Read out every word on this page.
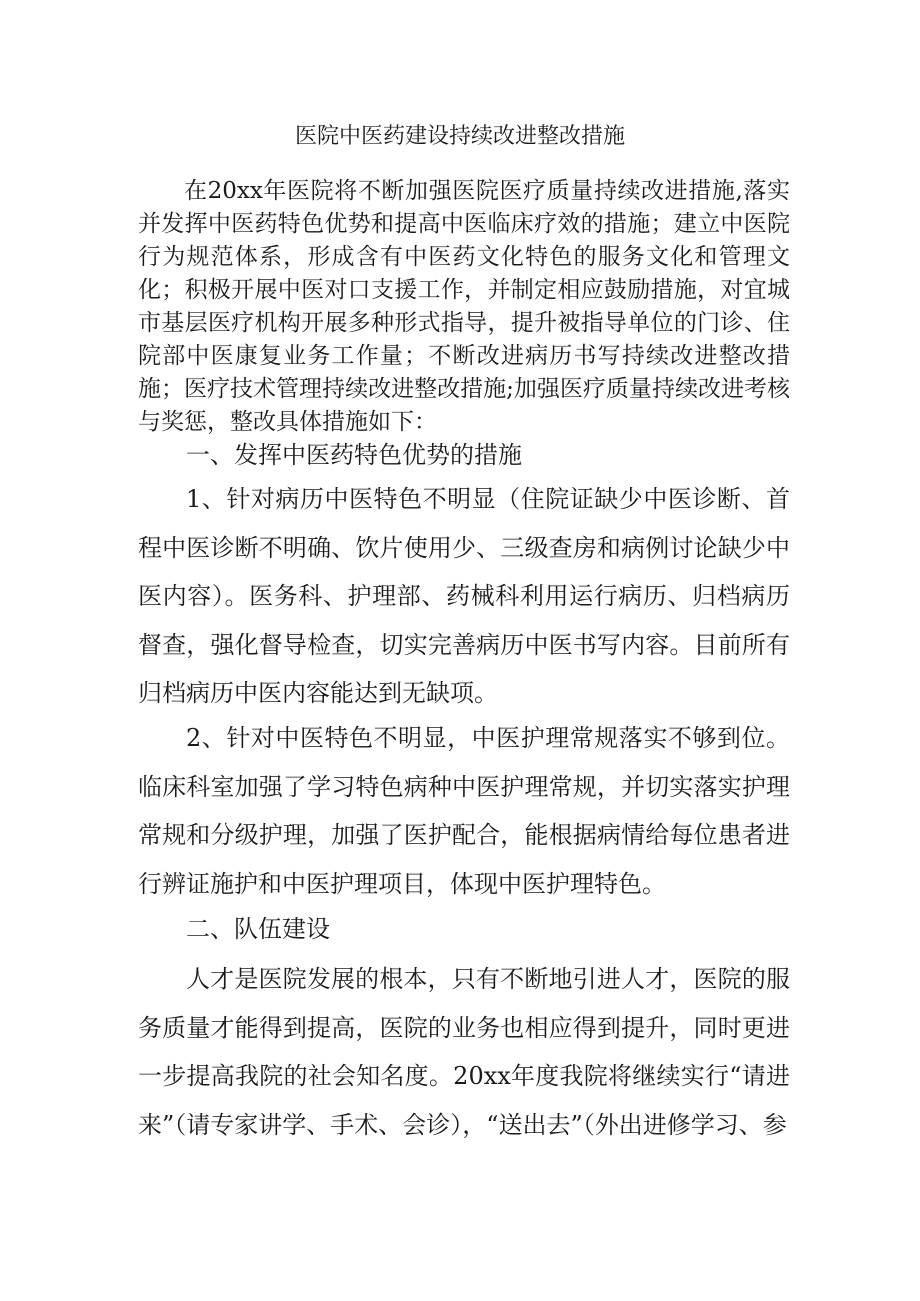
医院中医药建设持续改进整改措施

在20xx年医院将不断加强医院医疗质量持续改进措施,落实并发挥中医药特色优势和提高中医临床疗效的措施；建立中医院行为规范体系，形成含有中医药文化特色的服务文化和管理文化；积极开展中医对口支援工作，并制定相应鼓励措施，对宜城市基层医疗机构开展多种形式指导，提升被指导单位的门诊、住院部中医康复业务工作量；不断改进病历书写持续改进整改措施；医疗技术管理持续改进整改措施;加强医疗质量持续改进考核与奖惩，整改具体措施如下：

一、发挥中医药特色优势的措施

1、针对病历中医特色不明显（住院证缺少中医诊断、首程中医诊断不明确、饮片使用少、三级查房和病例讨论缺少中医内容）。医务科、护理部、药械科利用运行病历、归档病历督查，强化督导检查，切实完善病历中医书写内容。目前所有归档病历中医内容能达到无缺项。

2、针对中医特色不明显，中医护理常规落实不够到位。临床科室加强了学习特色病种中医护理常规，并切实落实护理常规和分级护理，加强了医护配合，能根据病情给每位患者进行辨证施护和中医护理项目，体现中医护理特色。

二、队伍建设

人才是医院发展的根本，只有不断地引进人才，医院的服务质量才能得到提高，医院的业务也相应得到提升，同时更进一步提高我院的社会知名度。20xx年度我院将继续实行“请进来”（请专家讲学、手术、会诊），“送出去”（外出进修学习、参
